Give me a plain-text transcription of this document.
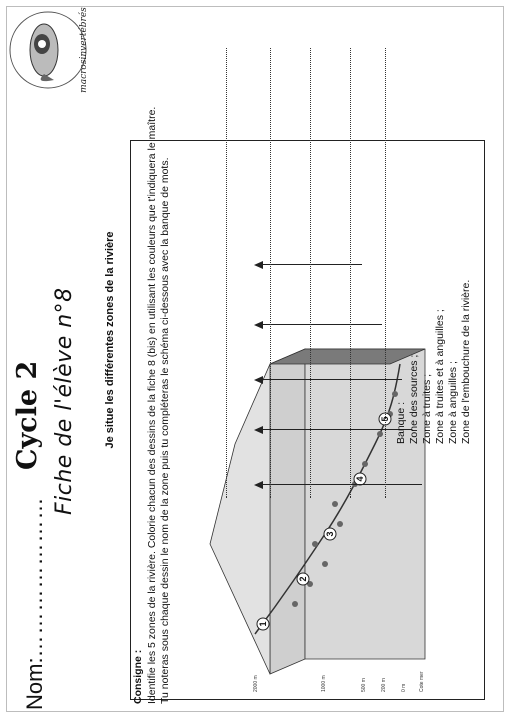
Nom:…………………
Cycle 2 Fiche de l'élève n°8
macrosinvertébrés
Je situe les différentes zones de la rivière
Consigne : Identifie les 5 zones de la rivière. Colorie chacun des dessins de la fiche 8 (bis) en utilisant les couleurs que t'indiquera le maître. Tu noteras sous chaque dessin le nom de la zone puis tu compléteras le schéma ci-dessous avec la banque de mots.	1
2
3
4
5
2000 m	1000 m	500 m	200 m	0 m Cote mer
Banque : Zone des sources ; Zone à truites ; Zone à truites et à anguilles ; Zone à anguilles ; Zone de l'embouchure de la rivière.
